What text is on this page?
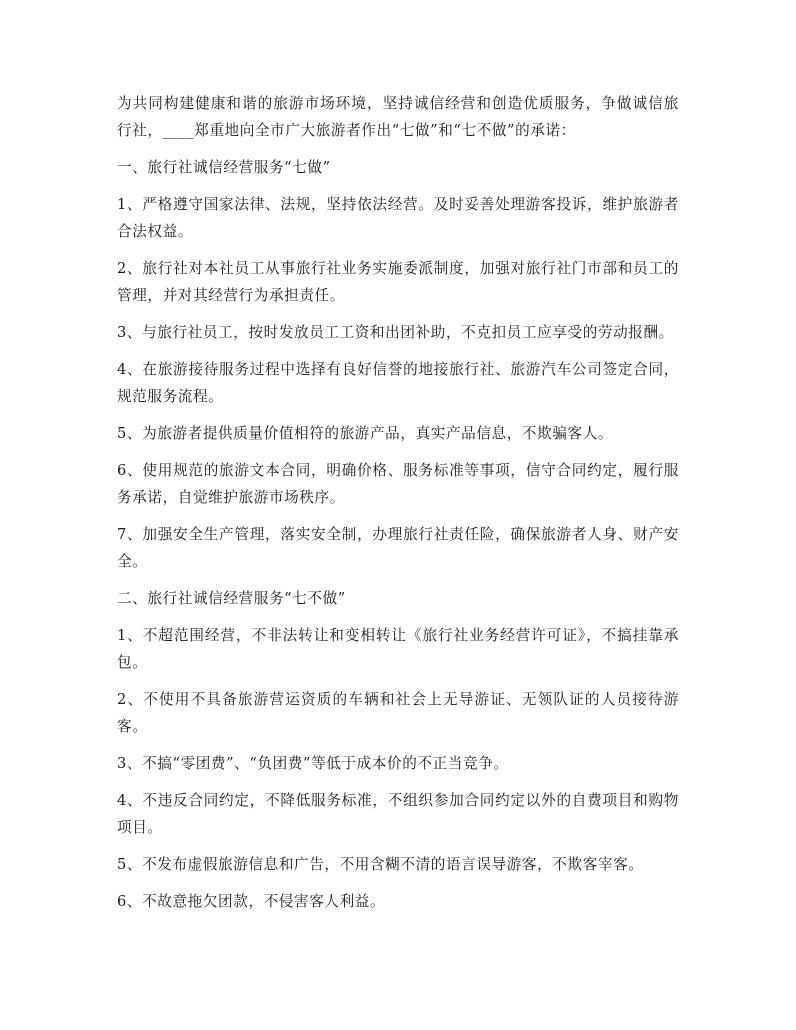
为共同构建健康和谐的旅游市场环境，坚持诚信经营和创造优质服务，争做诚信旅行社，____郑重地向全市广大旅游者作出“七做”和“七不做”的承诺：

一、旅行社诚信经营服务“七做”

1、严格遵守国家法律、法规，坚持依法经营。及时妥善处理游客投诉，维护旅游者合法权益。

2、旅行社对本社员工从事旅行社业务实施委派制度，加强对旅行社门市部和员工的管理，并对其经营行为承担责任。

3、与旅行社员工，按时发放员工工资和出团补助，不克扣员工应享受的劳动报酬。

4、在旅游接待服务过程中选择有良好信誉的地接旅行社、旅游汽车公司签定合同，规范服务流程。

5、为旅游者提供质量价值相符的旅游产品，真实产品信息，不欺骗客人。

6、使用规范的旅游文本合同，明确价格、服务标准等事项，信守合同约定，履行服务承诺，自觉维护旅游市场秩序。

7、加强安全生产管理，落实安全制，办理旅行社责任险，确保旅游者人身、财产安全。

二、旅行社诚信经营服务“七不做”

1、不超范围经营，不非法转让和变相转让《旅行社业务经营许可证》，不搞挂靠承包。

2、不使用不具备旅游营运资质的车辆和社会上无导游证、无领队证的人员接待游客。

3、不搞“零团费”、“负团费”等低于成本价的不正当竞争。

4、不违反合同约定，不降低服务标准，不组织参加合同约定以外的自费项目和购物项目。

5、不发布虚假旅游信息和广告，不用含糊不清的语言误导游客，不欺客宰客。

6、不故意拖欠团款，不侵害客人利益。
